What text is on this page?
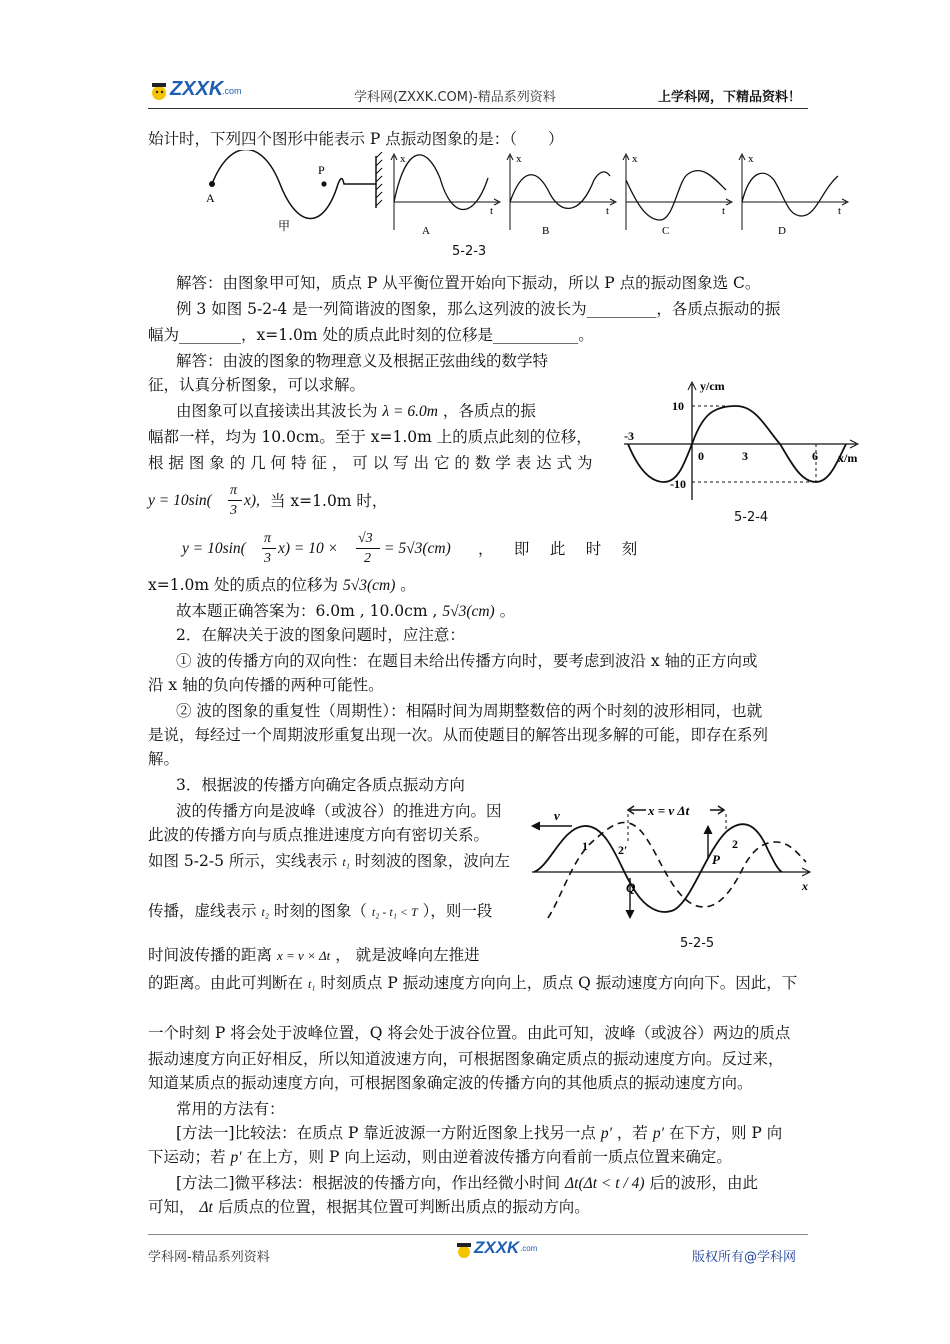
ZXXK
.com	学科网(ZXXK.COM)-精品系列资料	上学科网，下精品资料！
始计时，下列四个图形中能表示 P 点振动图象的是：（　　）
A
P
甲
x
t
A
x
t
B
x
t
C
x
t
D
5-2-3
解答：由图象甲可知，质点 P 从平衡位置开始向下振动，所以 P 点的振动图象选 C。
例 3 如图 5-2-4 是一列简谐波的图象，那么这列波的波长为_________，各质点振动的振
幅为________，x=1.0m 处的质点此时刻的位移是___________。
解答：由波的图象的物理意义及根据正弦曲线的数学特
征，认真分析图象，可以求解。
由图象可以直接读出其波长为 λ = 6.0m ，各质点的振
幅都一样，均为 10.0cm。至于 x=1.0m 上的质点此刻的位移，
根 据 图 象 的 几 何 特 征 ， 可 以 写 出 它 的 数 学 表 达 式 为
y = 10sin(
π
3
x), 当 x=1.0m 时，
y = 10sin(
π
3
x) = 10 ×
√3
2
= 5√3(cm) ， 　即 　此 　时 　刻
x=1.0m 处的质点的位移为 5√3(cm) 。
故本题正确答案为：6.0m , 10.0cm , 5√3(cm) 。
y/cm
x/m
10
-10
-3
0	3	6
5-2-4
2．在解决关于波的图象问题时，应注意：
① 波的传播方向的双向性：在题目未给出传播方向时，要考虑到波沿 x 轴的正方向或
沿 x 轴的负向传播的两种可能性。
② 波的图象的重复性（周期性）：相隔时间为周期整数倍的两个时刻的波形相同，也就
是说，每经过一个周期波形重复出现一次。从而使题目的解答出现多解的可能，即存在系列
解。
3．根据波的传播方向确定各质点振动方向
波的传播方向是波峰（或波谷）的推进方向。因
此波的传播方向与质点推进速度方向有密切关系。
如图 5-2-5 所示，实线表示 t₁ 时刻波的图象，波向左
传播，虚线表示 t₂ 时刻的图象（ t₂ - t₁ < T ），则一段
时间波传播的距离 x = v × Δt ， 就是波峰向左推进
的距离。由此可判断在 t₁ 时刻质点 P 振动速度方向向上，质点 Q 振动速度方向向下。因此，下
x = v Δt
v
1	2′	2
P
Q	x
5-2-5
一个时刻 P 将会处于波峰位置，Q 将会处于波谷位置。由此可知，波峰（或波谷）两边的质点
振动速度方向正好相反，所以知道波速方向，可根据图象确定质点的振动速度方向。反过来，
知道某质点的振动速度方向，可根据图象确定波的传播方向的其他质点的振动速度方向。
常用的方法有：
[方法一]比较法：在质点 P 靠近波源一方附近图象上找另一点 p′ ，若 p′ 在下方，则 P 向
下运动；若 p′ 在上方，则 P 向上运动，则由逆着波传播方向看前一质点位置来确定。
[方法二]微平移法：根据波的传播方向，作出经微小时间 Δt(Δt < t / 4) 后的波形，由此
可知， Δt 后质点的位置，根据其位置可判断出质点的振动方向。
学科网-精品系列资料
ZXXK .com
版权所有@学科网
